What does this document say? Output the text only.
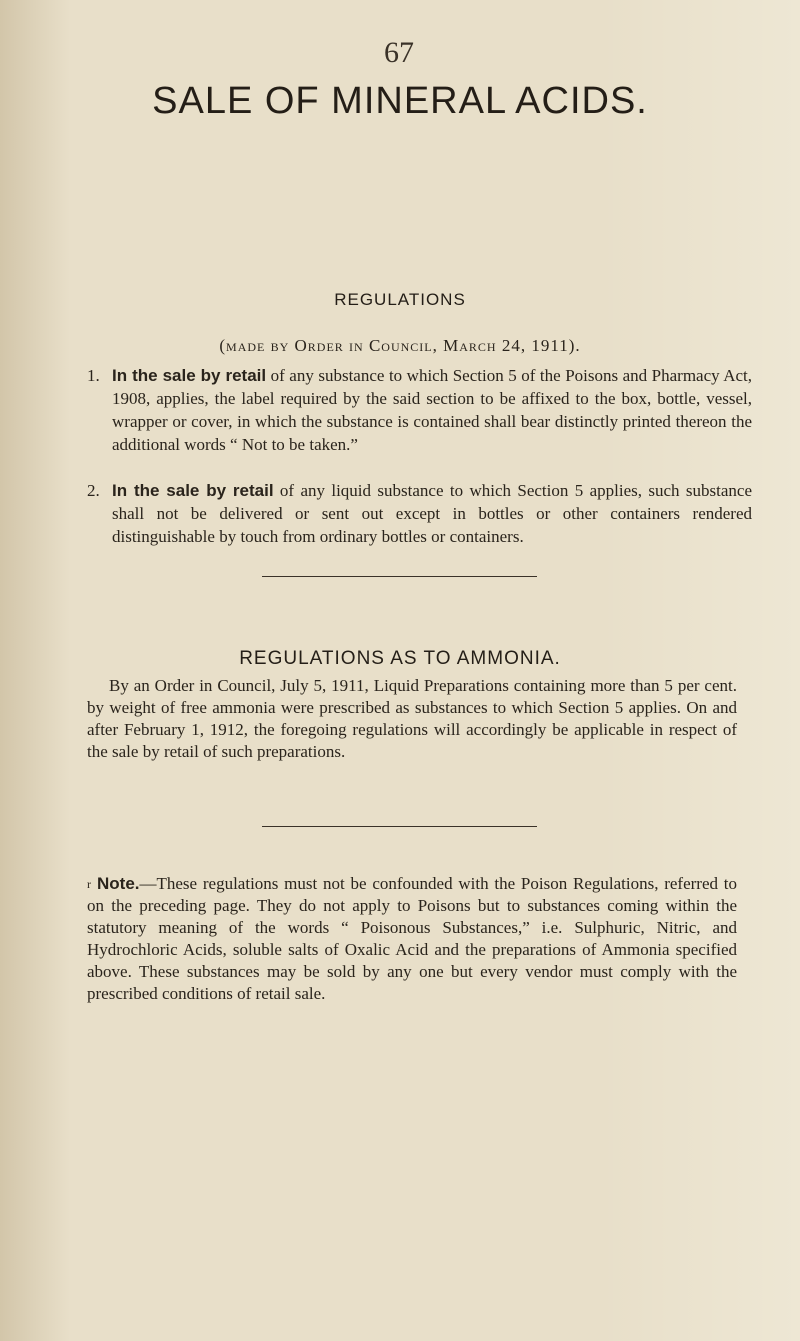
67
SALE OF MINERAL ACIDS.
REGULATIONS
(made by Order in Council, March 24, 1911).
1. In the sale by retail of any substance to which Section 5 of the Poisons and Pharmacy Act, 1908, applies, the label required by the said section to be affixed to the box, bottle, vessel, wrapper or cover, in which the substance is contained shall bear distinctly printed thereon the additional words “ Not to be taken.”
2. In the sale by retail of any liquid substance to which Section 5 applies, such substance shall not be delivered or sent out except in bottles or other containers rendered distinguishable by touch from ordinary bottles or containers.
REGULATIONS AS TO AMMONIA.
By an Order in Council, July 5, 1911, Liquid Preparations containing more than 5 per cent. by weight of free ammonia were prescribed as substances to which Section 5 applies. On and after February 1, 1912, the foregoing regulations will accordingly be applicable in respect of the sale by retail of such preparations.
$^r$ Note.—These regulations must not be confounded with the Poison Regulations, referred to on the preceding page. They do not apply to Poisons but to substances coming within the statutory meaning of the words “ Poisonous Substances,” i.e. Sulphuric, Nitric, and Hydrochloric Acids, soluble salts of Oxalic Acid and the preparations of Ammonia specified above. These substances may be sold by any one but every vendor must comply with the prescribed conditions of retail sale.
